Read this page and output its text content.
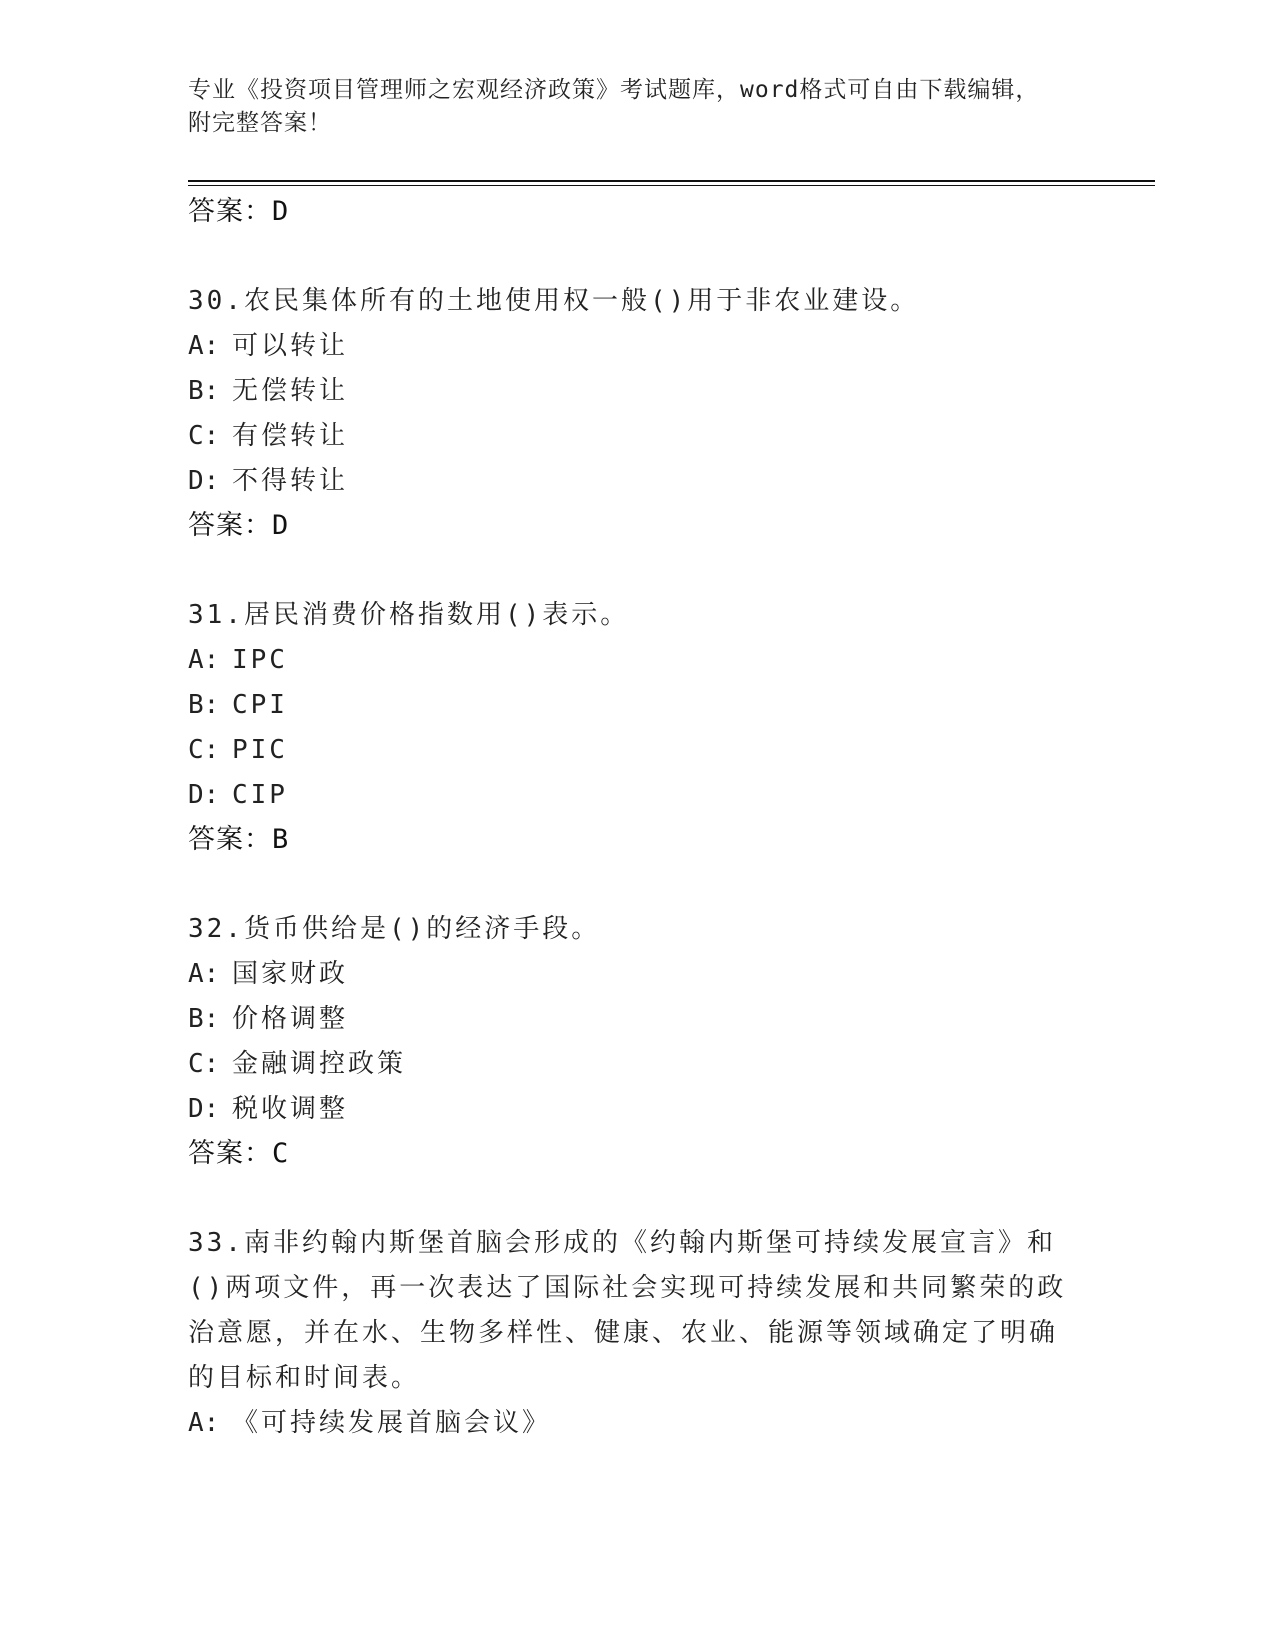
专业《投资项目管理师之宏观经济政策》考试题库，word格式可自由下载编辑，
附完整答案！
答案：D
30.农民集体所有的土地使用权一般()用于非农业建设。
A: 可以转让
B: 无偿转让
C: 有偿转让
D: 不得转让
答案：D
31.居民消费价格指数用()表示。
A: IPC
B: CPI
C: PIC
D: CIP
答案：B
32.货币供给是()的经济手段。
A: 国家财政
B: 价格调整
C: 金融调控政策
D: 税收调整
答案：C
33.南非约翰内斯堡首脑会形成的《约翰内斯堡可持续发展宣言》和()两项文件，再一次表达了国际社会实现可持续发展和共同繁荣的政治意愿，并在水、生物多样性、健康、农业、能源等领域确定了明确的目标和时间表。
A: 《可持续发展首脑会议》
